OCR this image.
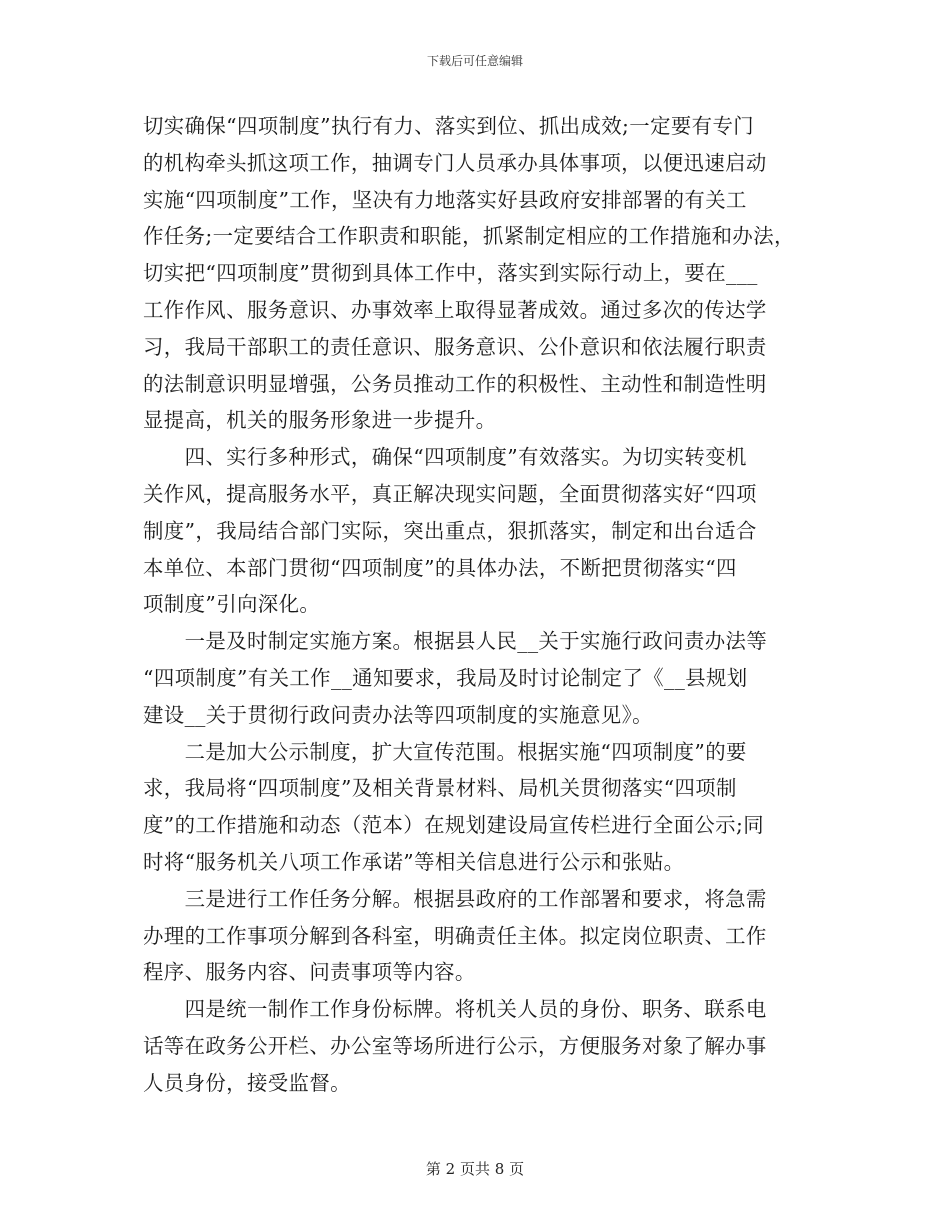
下载后可任意编辑

切实确保“四项制度”执行有力、落实到位、抓出成效;一定要有专门
的机构牵头抓这项工作，抽调专门人员承办具体事项，以便迅速启动
实施“四项制度”工作，坚决有力地落实好县政府安排部署的有关工
作任务;一定要结合工作职责和职能，抓紧制定相应的工作措施和办法，
切实把“四项制度”贯彻到具体工作中，落实到实际行动上，要在___
工作作风、服务意识、办事效率上取得显著成效。通过多次的传达学
习，我局干部职工的责任意识、服务意识、公仆意识和依法履行职责
的法制意识明显增强，公务员推动工作的积极性、主动性和制造性明
显提高，机关的服务形象进一步提升。

　　四、实行多种形式，确保“四项制度”有效落实。为切实转变机
关作风，提高服务水平，真正解决现实问题，全面贯彻落实好“四项
制度”，我局结合部门实际，突出重点，狠抓落实，制定和出台适合
本单位、本部门贯彻“四项制度”的具体办法，不断把贯彻落实“四
项制度”引向深化。

　　一是及时制定实施方案。根据县人民__关于实施行政问责办法等
“四项制度”有关工作__通知要求，我局及时讨论制定了《__县规划
建设__关于贯彻行政问责办法等四项制度的实施意见》。

　　二是加大公示制度，扩大宣传范围。根据实施“四项制度”的要
求，我局将“四项制度”及相关背景材料、局机关贯彻落实“四项制
度”的工作措施和动态（范本）在规划建设局宣传栏进行全面公示;同
时将“服务机关八项工作承诺”等相关信息进行公示和张贴。

　　三是进行工作任务分解。根据县政府的工作部署和要求，将急需
办理的工作事项分解到各科室，明确责任主体。拟定岗位职责、工作
程序、服务内容、问责事项等内容。

　　四是统一制作工作身份标牌。将机关人员的身份、职务、联系电
话等在政务公开栏、办公室等场所进行公示，方便服务对象了解办事
人员身份，接受监督。

第 2 页共 8 页
